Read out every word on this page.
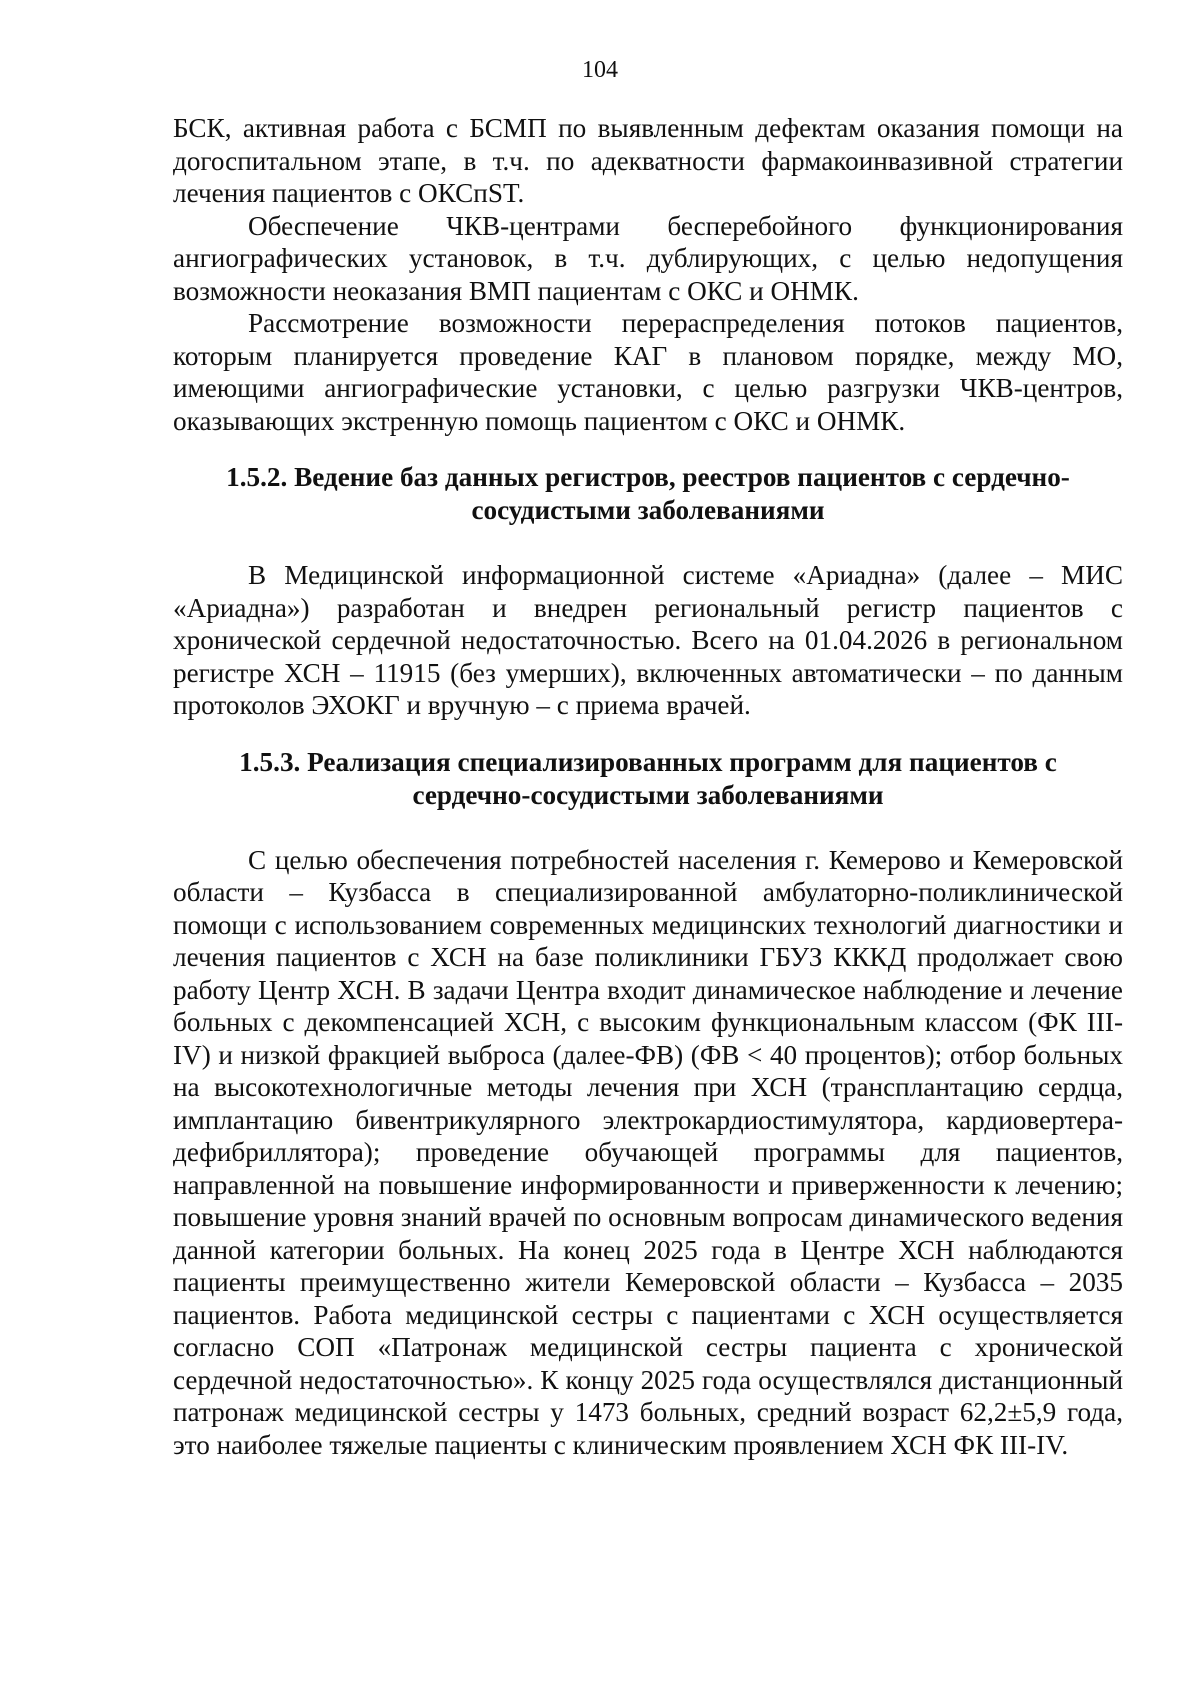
104

БСК, активная работа с БСМП по выявленным дефектам оказания помощи на догоспитальном этапе, в т.ч. по адекватности фармакоинвазивной стратегии лечения пациентов с ОКСпST.

Обеспечение ЧКВ-центрами бесперебойного функционирования ангиографических установок, в т.ч. дублирующих, с целью недопущения возможности неоказания ВМП пациентам с ОКС и ОНМК.

Рассмотрение возможности перераспределения потоков пациентов, которым планируется проведение КАГ в плановом порядке, между МО, имеющими ангиографические установки, с целью разгрузки ЧКВ-центров, оказывающих экстренную помощь пациентом с ОКС и ОНМК.

1.5.2. Ведение баз данных регистров, реестров пациентов с сердечно-
сосудистыми заболеваниями

В Медицинской информационной системе «Ариадна» (далее – МИС «Ариадна») разработан и внедрен региональный регистр пациентов с хронической сердечной недостаточностью. Всего на 01.04.2026 в региональном регистре ХСН – 11915 (без умерших), включенных автоматически – по данным протоколов ЭХОКГ и вручную – с приема врачей.

1.5.3. Реализация специализированных программ для пациентов с
сердечно-сосудистыми заболеваниями

С целью обеспечения потребностей населения г. Кемерово и Кемеровской области – Кузбасса в специализированной амбулаторно-поликлинической помощи с использованием современных медицинских технологий диагностики и лечения пациентов с ХСН на базе поликлиники ГБУЗ КККД продолжает свою работу Центр ХСН. В задачи Центра входит динамическое наблюдение и лечение больных с декомпенсацией ХСН, с высоким функциональным классом (ФК III-IV) и низкой фракцией выброса (далее-ФВ) (ФВ < 40 процентов); отбор больных на высокотехнологичные методы лечения при ХСН (трансплантацию сердца, имплантацию бивентрикулярного электрокардиостимулятора, кардиовертера-дефибриллятора); проведение обучающей программы для пациентов, направленной на повышение информированности и приверженности к лечению; повышение уровня знаний врачей по основным вопросам динамического ведения данной категории больных. На конец 2025 года в Центре ХСН наблюдаются пациенты преимущественно жители Кемеровской области – Кузбасса – 2035 пациентов. Работа медицинской сестры с пациентами с ХСН осуществляется согласно СОП «Патронаж медицинской сестры пациента с хронической сердечной недостаточностью». К концу 2025 года осуществлялся дистанционный патронаж медицинской сестры у 1473 больных, средний возраст 62,2±5,9 года, это наиболее тяжелые пациенты с клиническим проявлением ХСН ФК III-IV.
